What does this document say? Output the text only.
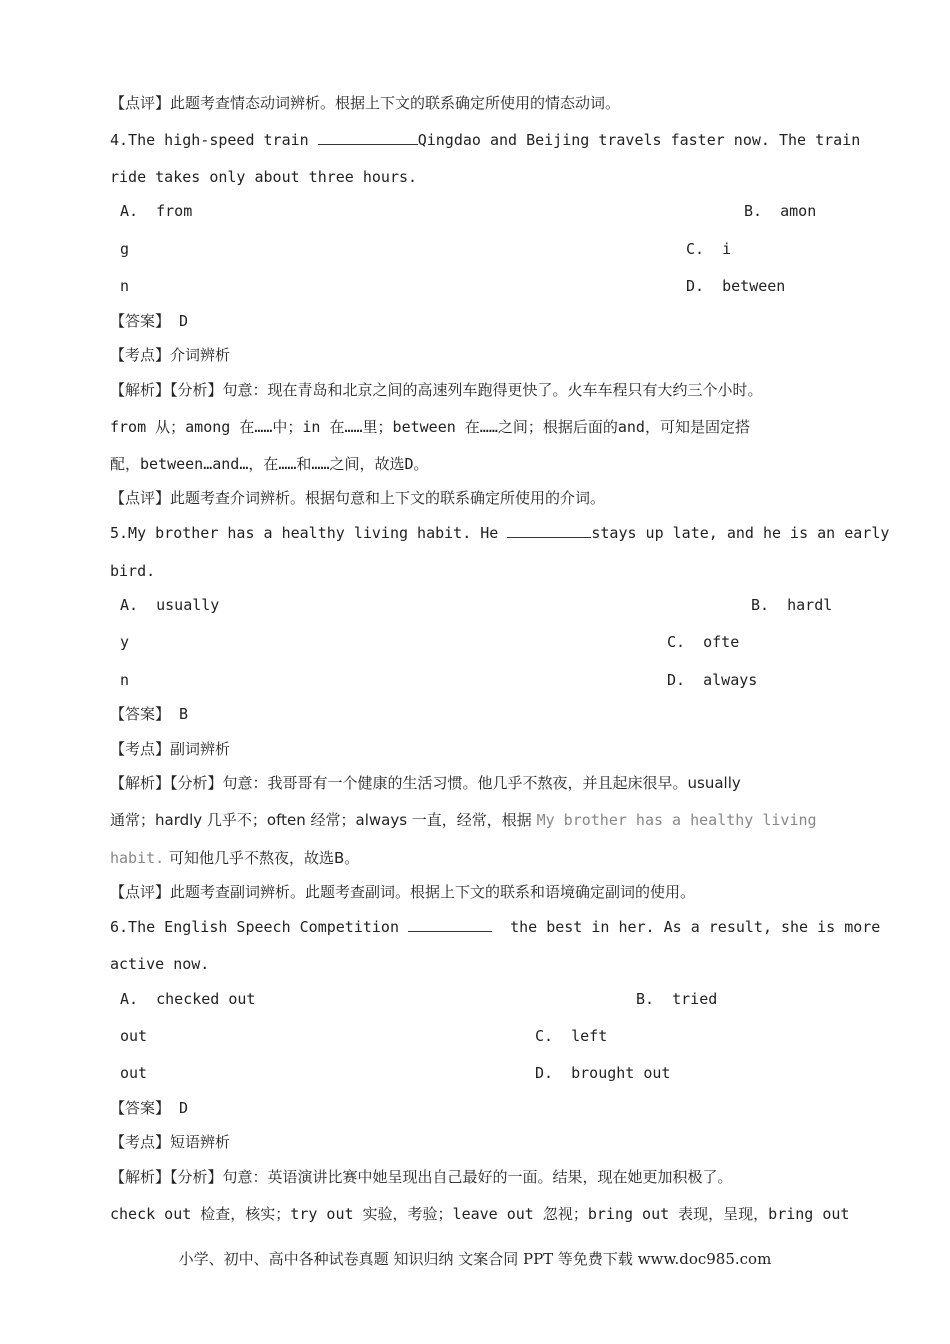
【点评】此题考查情态动词辨析。根据上下文的联系确定所使用的情态动词。
4.The high-speed train	Qingdao and Beijing travels faster now. The train
ride takes only about three hours.
A.  from	B.  amon
g	C.  i
n	D.  between
【答案】 D
【考点】介词辨析
【解析】【分析】句意：现在青岛和北京之间的高速列车跑得更快了。火车车程只有大约三个小时。
from 从；among 在……中；in 在……里；between 在……之间；根据后面的and，可知是固定搭
配，between…and…，在……和……之间，故选D。
【点评】此题考查介词辨析。根据句意和上下文的联系确定所使用的介词。
5.My brother has a healthy living habit. He	stays up late, and he is an early
bird.
A.  usually	B.  hardl
y	C.  ofte
n	D.  always
【答案】 B
【考点】副词辨析
【解析】【分析】句意：我哥哥有一个健康的生活习惯。他几乎不熬夜，并且起床很早。usually
通常；hardly 几乎不；often 经常；always 一直，经常，根据 My brother has a healthy living
habit. 可知他几乎不熬夜，故选B。
【点评】此题考查副词辨析。此题考查副词。根据上下文的联系和语境确定副词的使用。
6.The English Speech Competition	the best in her. As a result, she is more
active now.
A.  checked out	B.  tried
out	C.  left
out	D.  brought out
【答案】 D
【考点】短语辨析
【解析】【分析】句意：英语演讲比赛中她呈现出自己最好的一面。结果，现在她更加积极了。
check out 检查，核实；try out 实验，考验；leave out 忽视；bring out 表现，呈现，bring out
小学、初中、高中各种试卷真题 知识归纳 文案合同 PPT 等免费下载 www.doc985.com
